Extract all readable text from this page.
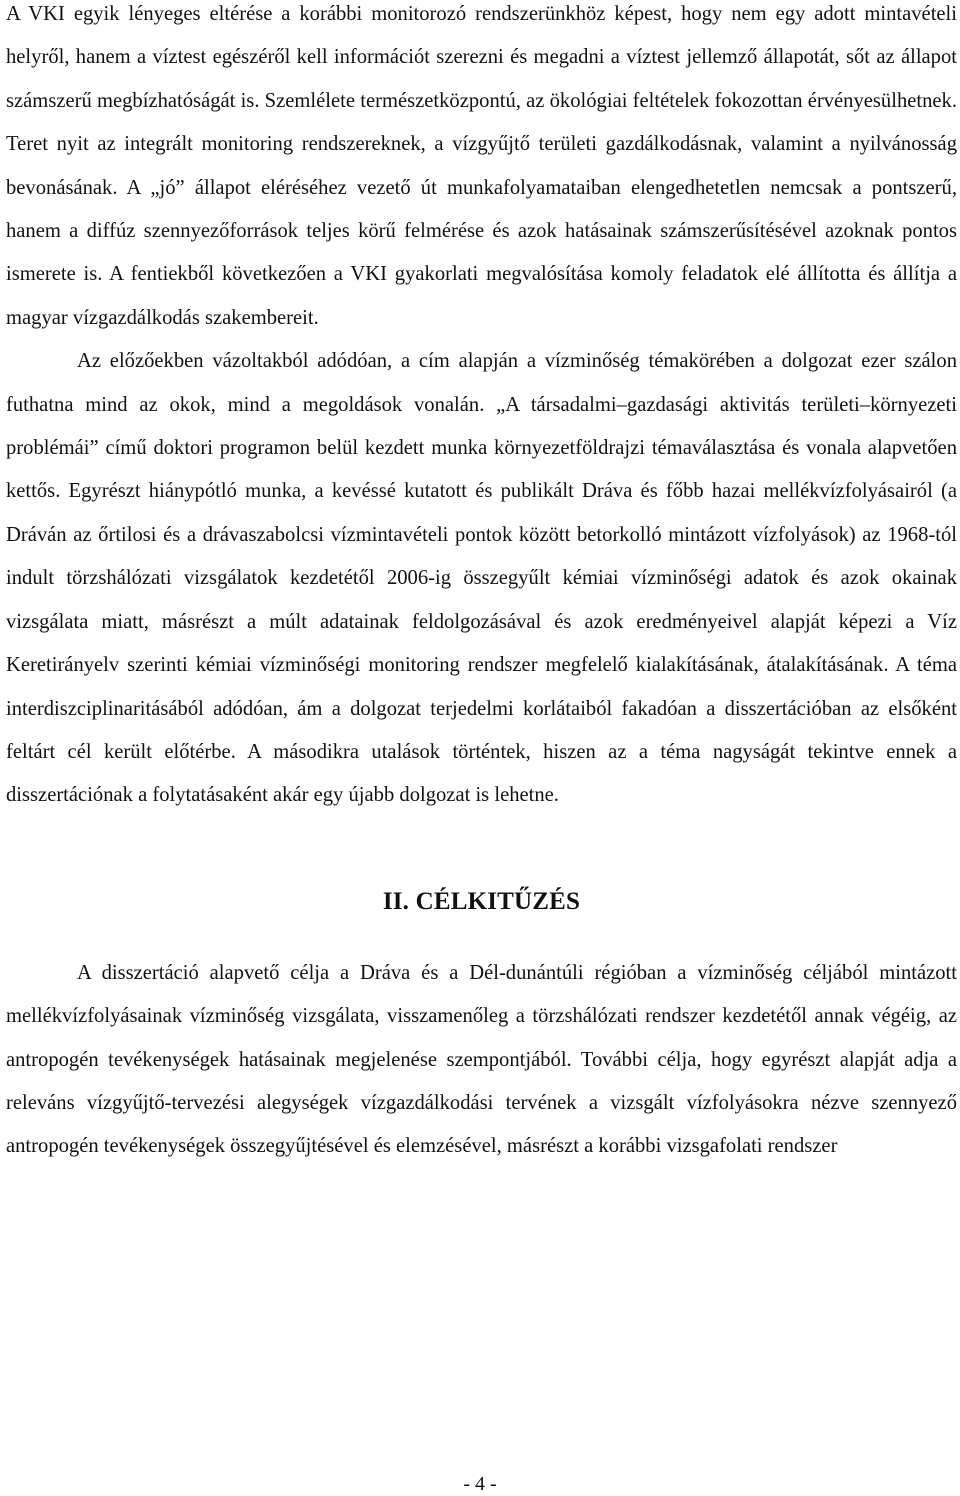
A VKI egyik lényeges eltérése a korábbi monitorozó rendszerünkhöz képest, hogy nem egy adott mintavételi helyről, hanem a víztest egészéről kell információt szerezni és megadni a víztest jellemző állapotát, sőt az állapot számszerű megbízhatóságát is. Szemlélete természetközpontú, az ökológiai feltételek fokozottan érvényesülhetnek. Teret nyit az integrált monitoring rendszereknek, a vízgyűjtő területi gazdálkodásnak, valamint a nyilvánosság bevonásának. A „jó” állapot eléréséhez vezető út munkafolyamataiban elengedhetetlen nemcsak a pontszerű, hanem a diffúz szennyezőforrások teljes körű felmérése és azok hatásainak számszerűsítésével azoknak pontos ismerete is. A fentiekből következően a VKI gyakorlati megvalósítása komoly feladatok elé állította és állítja a magyar vízgazdálkodás szakembereit.

Az előzőekben vázoltakból adódóan, a cím alapján a vízminőség témakörében a dolgozat ezer szálon futhatna mind az okok, mind a megoldások vonalán. „A társadalmi–gazdasági aktivitás területi–környezeti problémái” című doktori programon belül kezdett munka környezetföldrajzi témaválasztása és vonala alapvetően kettős. Egyrészt hiánypótló munka, a kevéssé kutatott és publikált Dráva és főbb hazai mellékvízfolyásairól (a Dráván az őrtilosi és a drávaszabolcsi vízmintavételi pontok között betorkolló mintázott vízfolyások) az 1968-tól indult törzshálózati vizsgálatok kezdetétől 2006-ig összegyűlt kémiai vízminőségi adatok és azok okainak vizsgálata miatt, másrészt a múlt adatainak feldolgozásával és azok eredményeivel alapját képezi a Víz Keretirányelv szerinti kémiai vízminőségi monitoring rendszer megfelelő kialakításának, átalakításának. A téma interdiszciplinaritásából adódóan, ám a dolgozat terjedelmi korlátaiból fakadóan a disszertációban az elsőként feltárt cél került előtérbe. A másodikra utalások történtek, hiszen az a téma nagyságát tekintve ennek a disszertációnak a folytatásaként akár egy újabb dolgozat is lehetne.

II. CÉLKITŰZÉS

A disszertáció alapvető célja a Dráva és a Dél-dunántúli régióban a vízminőség céljából mintázott mellékvízfolyásainak vízminőség vizsgálata, visszamenőleg a törzshálózati rendszer kezdetétől annak végéig, az antropogén tevékenységek hatásainak megjelenése szempontjából. További célja, hogy egyrészt alapját adja a releváns vízgyűjtő-tervezési alegységek vízgazdálkodási tervének a vizsgált vízfolyásokra nézve szennyező antropogén tevékenységek összegyűjtésével és elemzésével, másrészt a korábbi vizsgafolati rendszer

- 4 -
